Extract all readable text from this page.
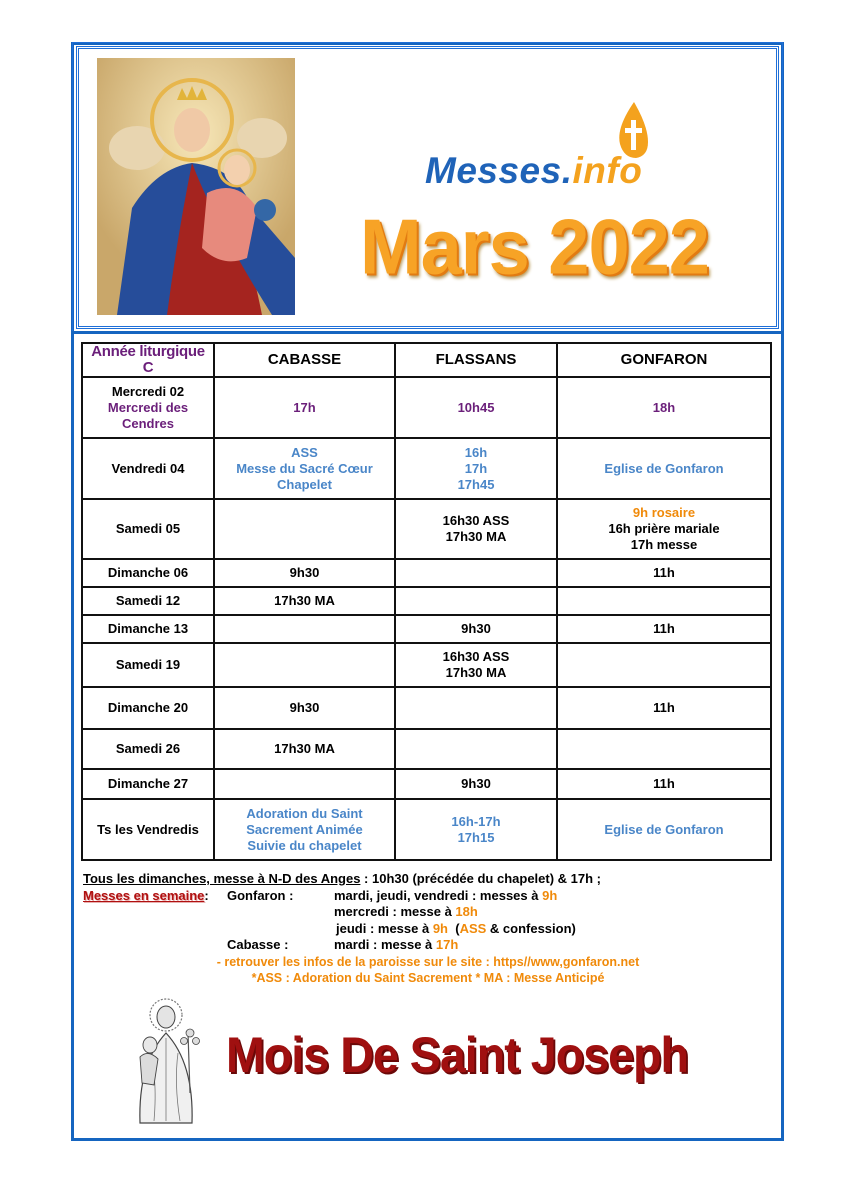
Messes.info
Mars 2022
Année liturgique C	CABASSE	FLASSANS	GONFARON

Mercredi 02
Mercredi des
Cendres	17h	10h45	18h
Vendredi 04	ASS
Messe du Sacré Cœur
Chapelet	16h
17h
17h45	Eglise de Gonfaron
Samedi 05		16h30 ASS
17h30 MA	9h rosaire
16h prière mariale
17h messe

Dimanche 06	9h30		11h
Samedi 12	17h30 MA		
Dimanche 13		9h30	11h
Samedi 19		16h30 ASS
17h30 MA	

Dimanche 20	9h30		11h
Samedi 26	17h30 MA		
Dimanche 27		9h30	11h
Ts les Vendredis	Adoration du Saint
Sacrement Animée
Suivie du chapelet	16h-17h
17h15	Eglise de Gonfaron
Tous les dimanches, messe à N-D des Anges : 10h30 (précédée du chapelet) & 17h ;
Messes en semaine: Gonfaron :	mardi, jeudi, vendredi : messes à 9h
mercredi : messe à 18h
jeudi : messe à 9h  (ASS & confession)
Cabasse :	mardi : messe à 17h
- retrouver les infos de la paroisse sur le site : https//www,gonfaron.net
*ASS : Adoration du Saint Sacrement * MA : Messe Anticipé
Mois De Saint Joseph
